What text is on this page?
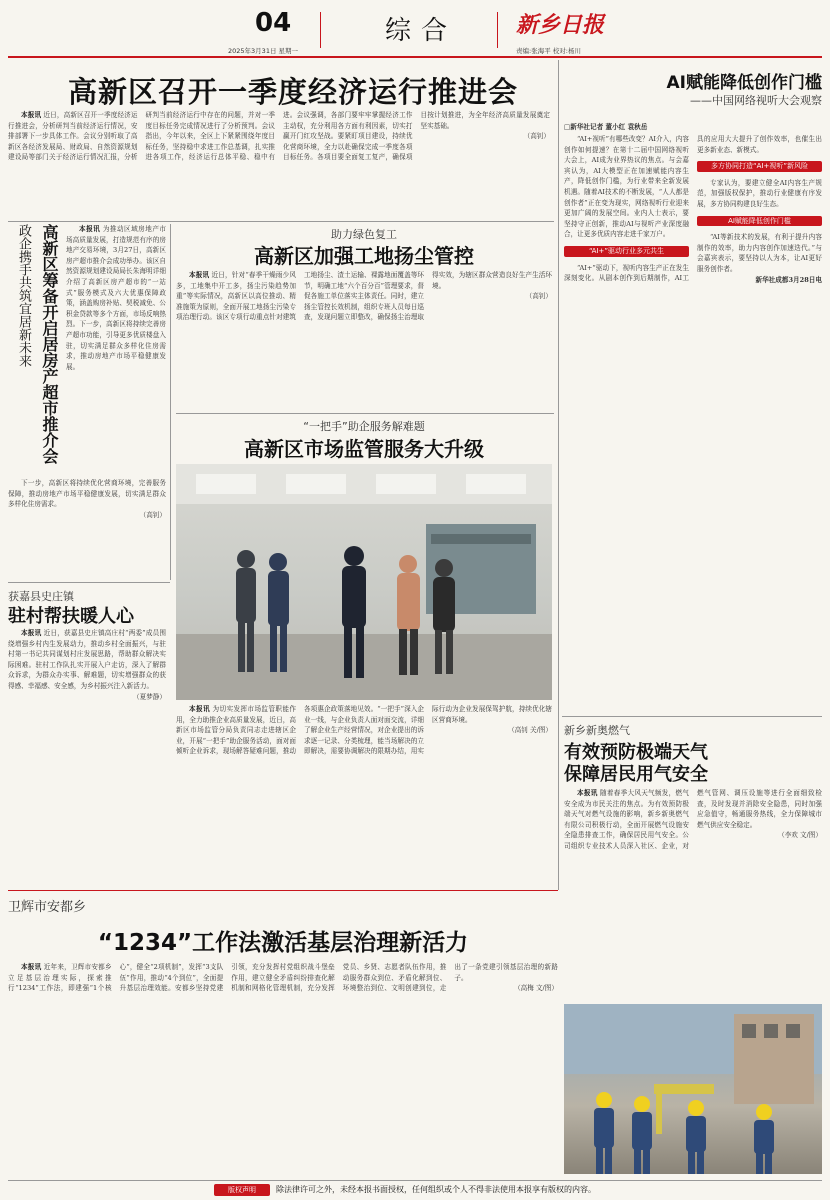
04
2025年3月31日 星期一
综合	新乡日报
责编:张海平 校对:杨川
高新区召开一季度经济运行推进会

本报讯 近日，高新区召开一季度经济运行推进会，分析研判当前经济运行情况，安排部署下一步具体工作。会议分别听取了高新区各经济发展局、财政局、自然资源规划建设局等部门关于经济运行情况汇报，分析研判当前经济运行中存在的问题，并对一季度目标任务完成情况进行了分析预判。会议指出，今年以来，全区上下紧紧围绕年度目标任务，坚持稳中求进工作总基调，扎实推进各项工作，经济运行总体平稳、稳中有进。会议强调，各部门要牢牢掌握经济工作主动权，充分利用各方面有利因素，切实打赢开门红攻坚战。要紧盯项目建设，持续优化营商环境，全力以赴确保完成一季度各项目标任务。各项目要全面复工复产，确保项目按计划推进，为全年经济高质量发展奠定坚实基础。

（高钊）
高新区筹备开启居房产超市推介会
政企携手共筑宜居新未来	本报讯 为推动区域房地产市场高质量发展，打造规范有序的房地产交易环境，3月27日，高新区房产超市推介会成功举办。该区自然资源规划建设局局长朱海明详细介绍了高新区房产超市的“一站式”服务模式及六大优惠保障政策，涵盖购房补贴、契税减免、公积金贷款等多个方面，市场反响热烈。下一步，高新区将持续完善房产超市功能，引导更多优质楼盘入驻，切实满足群众多样化住房需求，推动房地产市场平稳健康发展。

下一步，高新区将持续优化营商环境，完善服务保障，推动房地产市场平稳健康发展，切实满足群众多样化住房需求。

（高钊）
助力绿色复工
高新区加强工地扬尘管控

本报讯 近日，针对“春季干燥雨少风多，工地集中开工多，扬尘污染趋势加重”等实际情况，高新区以高位推动、精准施策为原则，全面开展工地扬尘污染专项治理行动。该区专项行动重点针对建筑工地扬尘、渣土运输、裸露地面覆盖等环节，明确工地“六个百分百”管理要求，督促各施工单位落实主体责任。同时，建立扬尘管控长效机制，组织专班人员每日巡查，发现问题立即整改，确保扬尘治理取得实效，为辖区群众营造良好生产生活环境。

（高钊）
“一把手”助企服务解难题
高新区市场监管服务大升级

本报讯 为切实发挥市场监管职能作用，全力助推企业高质量发展，近日，高新区市场监管分局负责同志走进辖区企业，开展“一把手”助企服务活动，面对面倾听企业诉求，现场解答疑难问题，推动各项惠企政策落地见效。“一把手”深入企业一线，与企业负责人面对面交流，详细了解企业生产经营情况，对企业提出的诉求逐一记录、分类梳理，能当场解决的立即解决，需要协调解决的限期办结，用实际行动为企业发展保驾护航，持续优化辖区营商环境。

（高钊 关/图）
获嘉县史庄镇
驻村帮扶暖人心

本报讯 近日，获嘉县史庄镇高庄村“两委”成员围绕增强乡村内生发展动力，推动乡村全面振兴，与驻村第一书记共同谋划村庄发展思路，帮助群众解决实际困难。驻村工作队扎实开展入户走访，深入了解群众诉求，为群众办实事、解难题，切实增强群众的获得感、幸福感、安全感，为乡村振兴注入新活力。

（夏梦静）
AI赋能降低创作门槛
——中国网络视听大会观察
□新华社记者 董小红 袁秋岳

“AI+视听”有哪些改变？AI介入，内容创作如何提速？在第十二届中国网络视听大会上，AI成为业界热议的焦点。与会嘉宾认为，AI大模型正在加速赋能内容生产，降低创作门槛，为行业带来全新发展机遇。随着AI技术的不断发展，“人人都是创作者”正在变为现实，网络视听行业迎来更加广阔的发展空间。业内人士表示，要坚持守正创新，推动AI与视听产业深度融合，让更多优质内容走进千家万户。

“AI+”驱动行业多元共生

“AI+”驱动下，视听内容生产正在发生深刻变化。从剧本创作到后期制作，AI工具的应用大大提升了创作效率，也催生出更多新业态、新模式。

多方协同打造“AI+视听”新风险

专家认为，要建立健全AI内容生产规范，加强版权保护，推动行业健康有序发展，多方协同构建良好生态。

AI赋能降低创作门槛

“AI等新技术的发展，有利于提升内容制作的效率，助力内容创作加速迭代。”与会嘉宾表示，要坚持以人为本，让AI更好服务创作者。

新华社成都3月28日电
新乡新奥燃气
有效预防极端天气
保障居民用气安全

本报讯 随着春季大风天气频发，燃气安全成为市民关注的焦点。为有效预防极端天气对燃气设施的影响，新乡新奥燃气有限公司积极行动，全面开展燃气设施安全隐患排查工作，确保居民用气安全。公司组织专业技术人员深入社区、企业，对燃气管网、调压设施等进行全面细致检查，及时发现并消除安全隐患，同时加强应急值守，畅通服务热线，全力保障城市燃气供应安全稳定。

（李欢 文/图）
卫辉市安都乡
“1234”工作法激活基层治理新活力

本报讯 近年来，卫辉市安都乡立足基层治理实际，探索推行“1234”工作法，即建强“1个核心”，健全“2项机制”，发挥“3支队伍”作用，推动“4个到位”，全面提升基层治理效能。安都乡坚持党建引领，充分发挥村党组织战斗堡垒作用，建立健全矛盾纠纷排查化解机制和网格化管理机制，充分发挥党员、乡贤、志愿者队伍作用，推动服务群众到位、矛盾化解到位、环境整治到位、文明创建到位，走出了一条党建引领基层治理的新路子。

（高梅 文/图）
版权声明	除法律许可之外，未经本报书面授权，任何组织或个人不得非法使用本报享有版权的内容。
